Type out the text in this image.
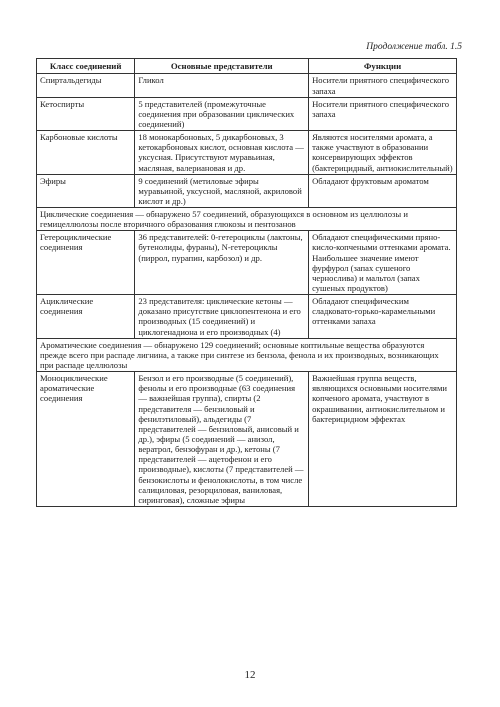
Продолжение табл. 1.5
Класс соединений	Основные представители	Функции
Спиртальдегиды	Гликол	Носители приятного специфического запаха
Кетоспирты	5 представителей (промежуточные соединения при образовании циклических соединений)	Носители приятного специфического запаха
Карбоновые кислоты	18 монокарбоновых, 5 дикарбоновых, 3 кетокарбоновых кислот, основная кислота — уксусная. Присутствуют муравьиная, масляная, валериановая и др.	Являются носителями аромата, а также участвуют в образовании консервирующих эффектов (бактерицидный, антиокислительный)
Эфиры	9 соединений (метиловые эфиры муравьиной, уксусной, масляной, акриловой кислот и др.)	Обладают фруктовым ароматом
Циклические соединения — обнаружено 57 соединений, образующихся в основном из целлюлозы и гемицеллюлозы после вторичного образования глюкозы и пентозанов		
Гетероциклические соединения	36 представителей: 0-гетероциклы (лактоны, бутенолиды, фураны), N-гетероциклы (пиррол, пурапин, карбозол) и др.	Обладают специфическими пряно-кисло-копчеными оттенками аромата. Наибольшее значение имеют фурфурол (запах сушеного чернослива) и мальтол (запах сушеных продуктов)
Ациклические соединения	23 представителя: циклические кетоны — доказано присутствие циклопентенона и его производных (15 соединений) и циклогенадиона и его производных (4)	Обладают специфическим сладковато-горько-карамельными оттенками запаха
Ароматические соединения — обнаружено 129 соединений; основные коптильные вещества образуются прежде всего при распаде лигнина, а также при синтезе из бензола, фенола и их производных, возникающих при распаде целлюлозы		
Моноциклические ароматические соединения	Бензол и его производные (5 соединений), фенолы и его производные (63 соединения — важнейшая группа), спирты (2 представителя — бензиловый и фенилэтиловый), альдегиды (7 представителей — бензиловый, анисовый и др.), эфиры (5 соединений — анизол, вератрол, бензофуран и др.), кетоны (7 представителей — ацетофенон и его производные), кислоты (7 представителей — бензокислоты и фенолокислоты, в том числе салициловая, резорциловая, ваниловая, сиринговая), сложные эфиры	Важнейшая группа веществ, являющихся основными носителями копченого аромата, участвуют в окрашивании, антиокислительном и бактерицидном эффектах
12
